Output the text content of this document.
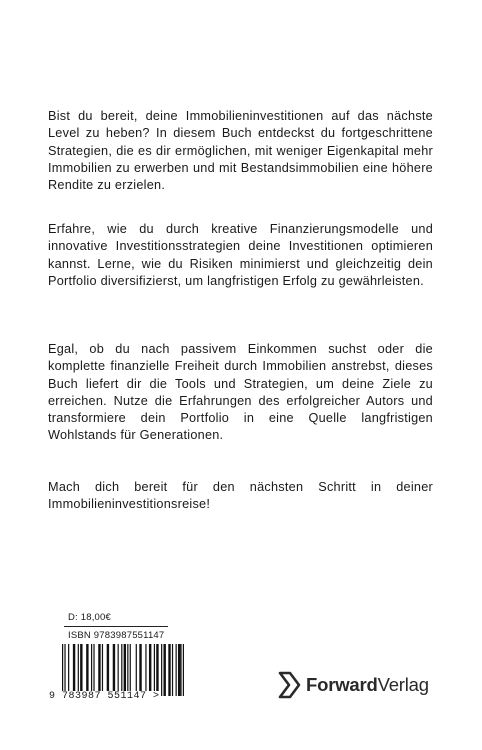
Bist du bereit, deine Immobilieninvestitionen auf das nächste Level zu heben? In diesem Buch entdeckst du fortgeschrittene Strategien, die es dir ermöglichen, mit weniger Eigenkapital mehr Immobilien zu erwerben und mit Bestandsimmobilien eine höhere Rendite zu erzielen.

Erfahre, wie du durch kreative Finanzierungsmodelle und innovative Investitionsstrategien deine Investitionen optimieren kannst. Lerne, wie du Risiken minimierst und gleichzeitig dein Portfolio diversifizierst, um langfristigen Erfolg zu gewährleisten.

Egal, ob du nach passivem Einkommen suchst oder die komplette finanzielle Freiheit durch Immobilien anstrebst, dieses Buch liefert dir die Tools und Strategien, um deine Ziele zu erreichen. Nutze die Erfahrungen des erfolgreicher Autors und transformiere dein Portfolio in eine Quelle langfristigen Wohlstands für Generationen.

Mach dich bereit für den nächsten Schritt in deiner Immobilieninvestitionsreise!

D: 18,00€
ISBN 9783987551147
9 783987 551147 >
ForwardVerlag
